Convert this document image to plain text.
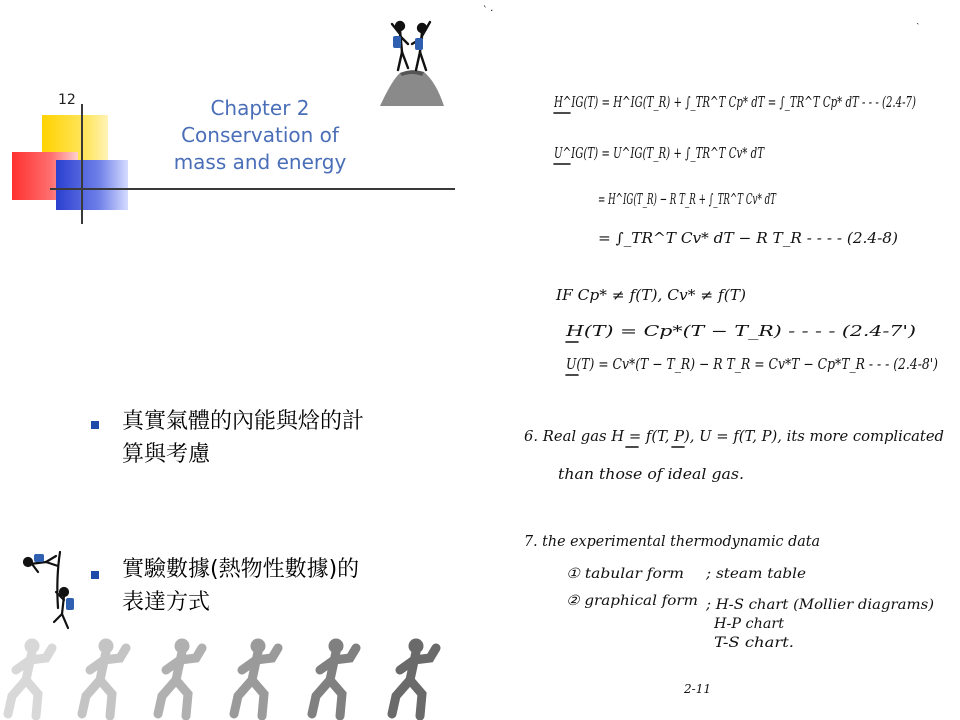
12	Chapter 2
Conservation of
mass and energy
真實氣體的內能與焓的計
算與考慮
實驗數據(熱物性數據)的
表達方式
` ·
ˎ
H^IG(T) = H^IG(T_R) + ∫_TR^T Cp* dT = ∫_TR^T Cp* dT - - - (2.4-7)
U^IG(T) = U^IG(T_R) + ∫_TR^T Cv* dT
= H^IG(T_R) − R T_R + ∫_TR^T Cv* dT
= ∫_TR^T Cv* dT − R T_R - - - - (2.4-8)
IF Cp* ≠ f(T), Cv* ≠ f(T)
H(T) = Cp*(T − T_R) - - - - (2.4-7')
U(T) = Cv*(T − T_R) − R T_R = Cv*T − Cp*T_R - - - (2.4-8')
6. Real gas H = f(T, P), U = f(T, P), its more complicated
than those of ideal gas.
7. the experimental thermodynamic data
① tabular form ; steam table
② graphical form ; H-S chart (Mollier diagrams)
H-P chart
T-S chart.
2-11
